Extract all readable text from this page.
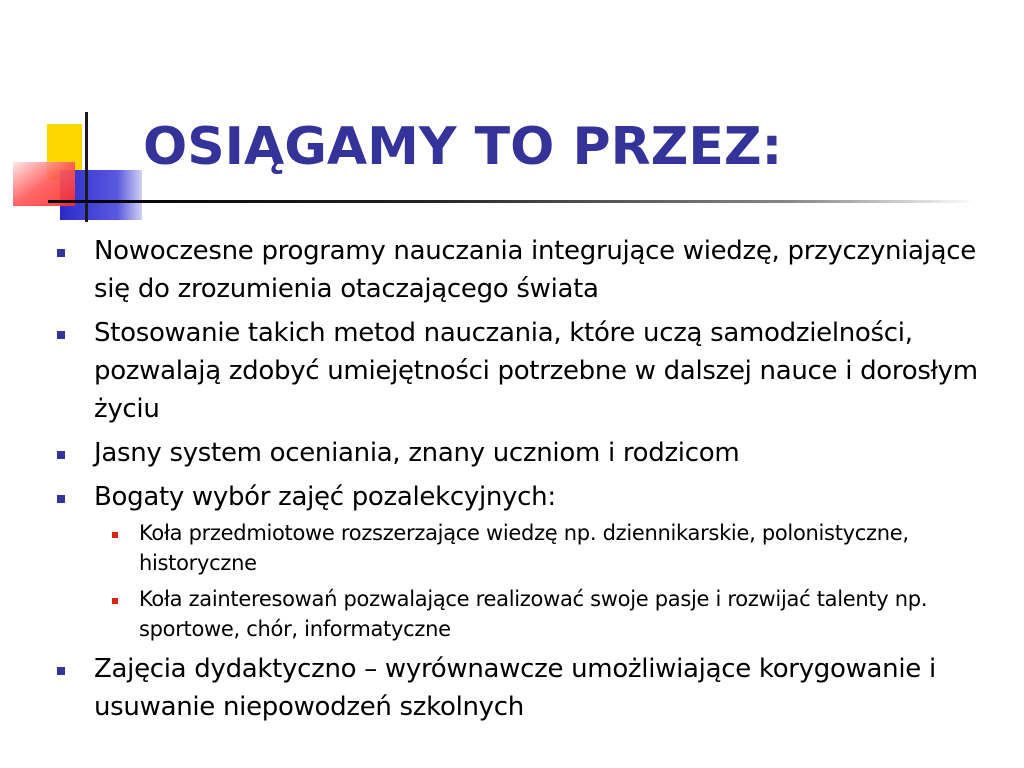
OSIĄGAMY TO PRZEZ:
Nowoczesne programy nauczania integrujące wiedzę, przyczyniające się do zrozumienia otaczającego świata
Stosowanie takich metod nauczania, które uczą samodzielności, pozwalają zdobyć umiejętności potrzebne w dalszej nauce i dorosłym życiu
Jasny system oceniania, znany uczniom i rodzicom
Bogaty wybór zajęć pozalekcyjnych:
Koła przedmiotowe rozszerzające wiedzę np. dziennikarskie, polonistyczne, historyczne
Koła zainteresowań pozwalające realizować swoje pasje i rozwijać talenty np. sportowe, chór, informatyczne
Zajęcia dydaktyczno – wyrównawcze umożliwiające korygowanie i usuwanie niepowodzeń szkolnych
